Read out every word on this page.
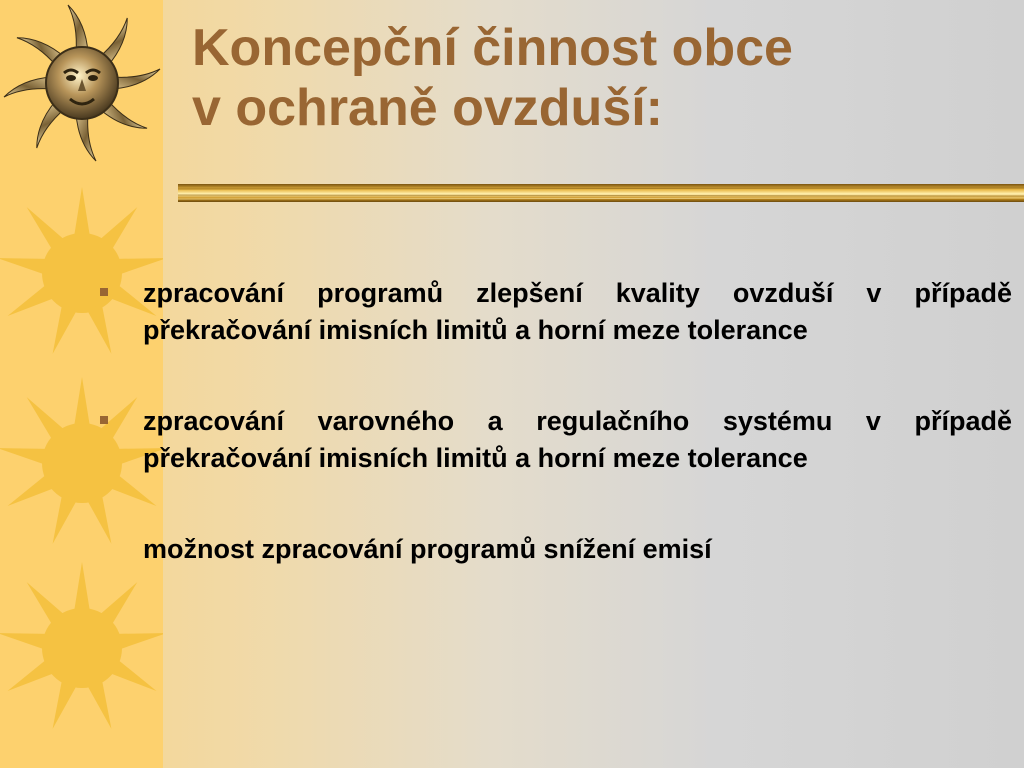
Koncepční činnost obce
v ochraně ovzduší:
zpracování programů zlepšení kvality ovzduší v případě překračování imisních limitů a horní meze tolerance
zpracování varovného a regulačního systému v případě překračování imisních limitů a horní meze tolerance
možnost zpracování programů snížení emisí
